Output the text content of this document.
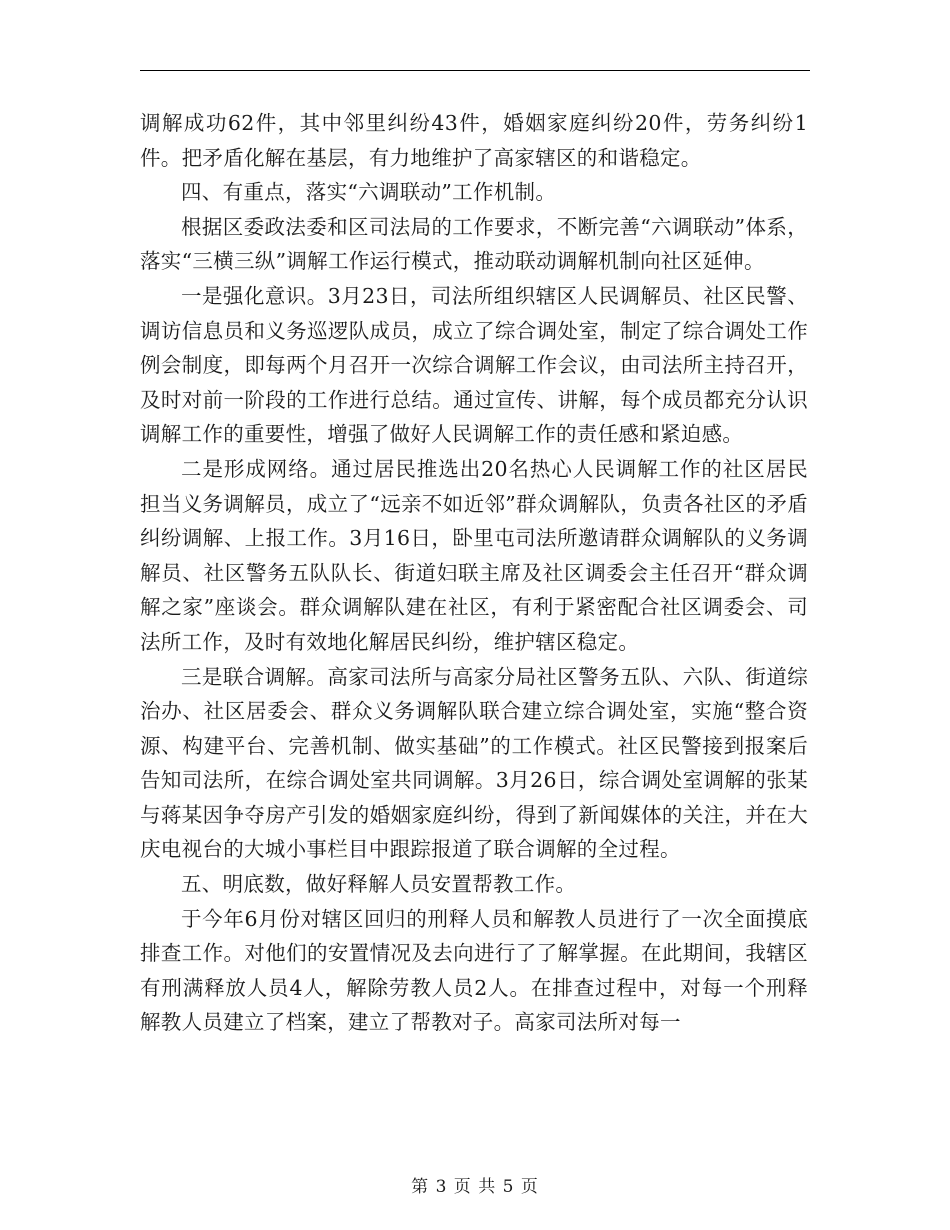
调解成功62件，其中邻里纠纷43件，婚姻家庭纠纷20件，劳务纠纷1件。把矛盾化解在基层，有力地维护了高家辖区的和谐稳定。

四、有重点，落实“六调联动”工作机制。

根据区委政法委和区司法局的工作要求，不断完善“六调联动”体系，落实“三横三纵”调解工作运行模式，推动联动调解机制向社区延伸。

一是强化意识。3月23日，司法所组织辖区人民调解员、社区民警、调访信息员和义务巡逻队成员，成立了综合调处室，制定了综合调处工作例会制度，即每两个月召开一次综合调解工作会议，由司法所主持召开，及时对前一阶段的工作进行总结。通过宣传、讲解，每个成员都充分认识调解工作的重要性，增强了做好人民调解工作的责任感和紧迫感。

二是形成网络。通过居民推选出20名热心人民调解工作的社区居民担当义务调解员，成立了“远亲不如近邻”群众调解队，负责各社区的矛盾纠纷调解、上报工作。3月16日，卧里屯司法所邀请群众调解队的义务调解员、社区警务五队队长、街道妇联主席及社区调委会主任召开“群众调解之家”座谈会。群众调解队建在社区，有利于紧密配合社区调委会、司法所工作，及时有效地化解居民纠纷，维护辖区稳定。

三是联合调解。高家司法所与高家分局社区警务五队、六队、街道综治办、社区居委会、群众义务调解队联合建立综合调处室，实施“整合资源、构建平台、完善机制、做实基础”的工作模式。社区民警接到报案后告知司法所，在综合调处室共同调解。3月26日，综合调处室调解的张某与蒋某因争夺房产引发的婚姻家庭纠纷，得到了新闻媒体的关注，并在大庆电视台的大城小事栏目中跟踪报道了联合调解的全过程。

五、明底数，做好释解人员安置帮教工作。

于今年6月份对辖区回归的刑释人员和解教人员进行了一次全面摸底排查工作。对他们的安置情况及去向进行了了解掌握。在此期间，我辖区有刑满释放人员4人，解除劳教人员2人。在排查过程中，对每一个刑释解教人员建立了档案，建立了帮教对子。高家司法所对每一

第 3 页 共 5 页
